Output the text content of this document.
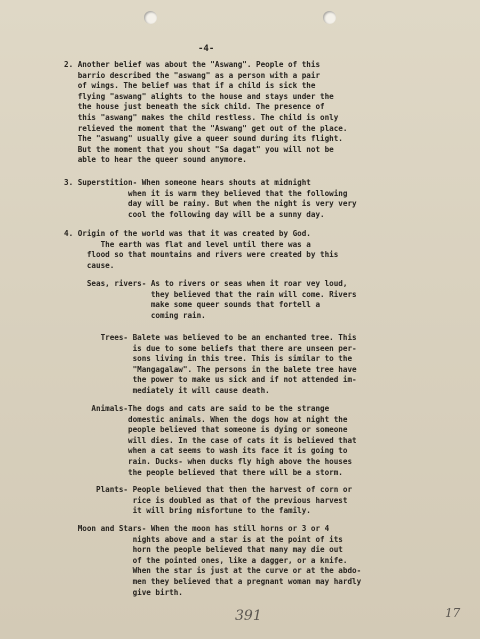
-4-
2. Another belief was about the "Aswang". People of this
barrio described the "aswang" as a person with a pair
of wings. The belief was that if a child is sick the
flying "aswang" alights to the house and stays under the
the house just beneath the sick child. The presence of
this "aswang" makes the child restless. The child is only
relieved the moment that the "Aswang" get out of the place.
The "aswang" usually give a queer sound during its flight.
But the moment that you shout "Sa dagat" you will not be
able to hear the queer sound anymore.
3. Superstition- When someone hears shouts at midnight
when it is warm they believed that the following
day will be rainy. But when the night is very very
cool the following day will be a sunny day.
4. Origin of the world was that it was created by God.
The earth was flat and level until there was a
flood so that mountains and rivers were created by this
cause.
Seas, rivers- As to rivers or seas when it roar vey loud,
they believed that the rain will come. Rivers
make some queer sounds that fortell a
coming rain.
Trees- Balete was believed to be an enchanted tree. This
is due to some beliefs that there are unseen per-
sons living in this tree. This is similar to the
"Mangagalaw". The persons in the balete tree have
the power to make us sick and if not attended im-
mediately it will cause death.
Animals-The dogs and cats are said to be the strange
domestic animals. When the dogs how at night the
people believed that someone is dying or someone
will dies. In the case of cats it is believed that
when a cat seems to wash its face it is going to
rain. Ducks- when ducks fly high above the houses
the people believed that there will be a storm.
Plants- People believed that then the harvest of corn or
rice is doubled as that of the previous harvest
it will bring misfortune to the family.
Moon and Stars- When the moon has still horns or 3 or 4
nights above and a star is at the point of its
horn the people believed that many may die out
of the pointed ones, like a dagger, or a knife.
When the star is just at the curve or at the abdo-
men they believed that a pregnant woman may hardly
give birth.
391	17
